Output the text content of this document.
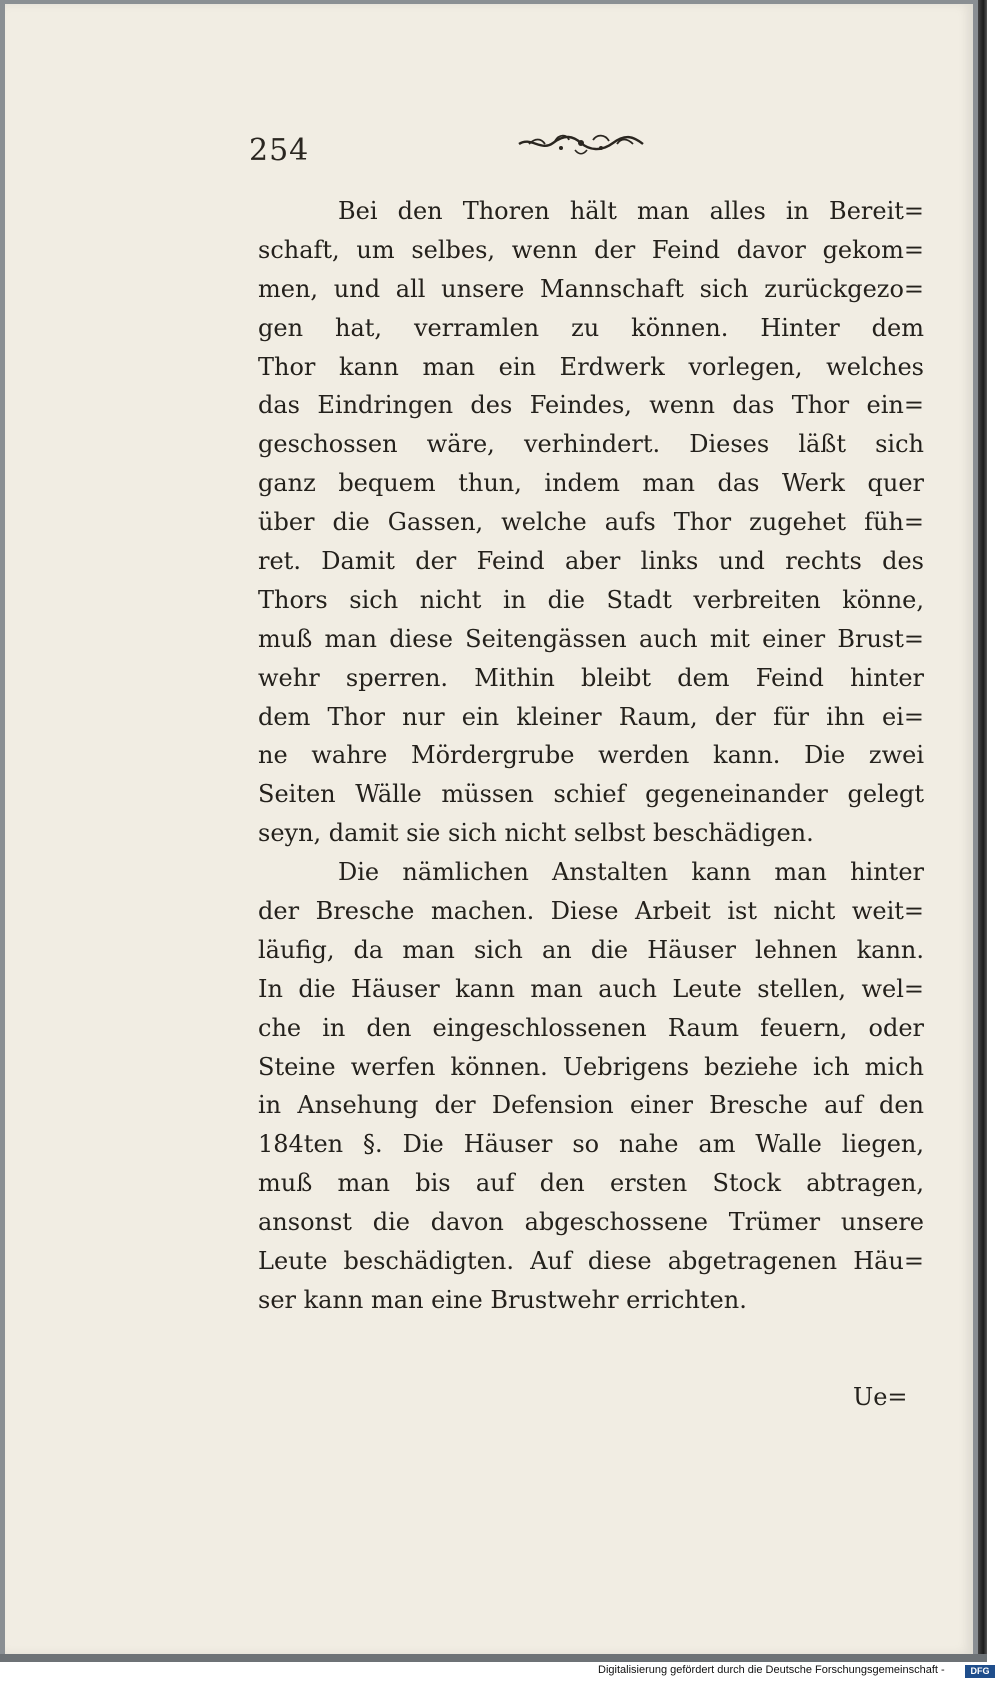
254
Bei den Thoren hält man alles in Bereit=
schaft, um selbes, wenn der Feind davor gekom=
men, und all unsere Mannschaft sich zurückgezo=
gen hat, verramlen zu können. Hinter dem
Thor kann man ein Erdwerk vorlegen, welches
das Eindringen des Feindes, wenn das Thor ein=
geschossen wäre, verhindert. Dieses läßt sich
ganz bequem thun, indem man das Werk quer
über die Gassen, welche aufs Thor zugehet füh=
ret. Damit der Feind aber links und rechts des
Thors sich nicht in die Stadt verbreiten könne,
muß man diese Seitengässen auch mit einer Brust=
wehr sperren. Mithin bleibt dem Feind hinter
dem Thor nur ein kleiner Raum, der für ihn ei=
ne wahre Mördergrube werden kann. Die zwei
Seiten Wälle müssen schief gegeneinander gelegt
seyn, damit sie sich nicht selbst beschädigen.
Die nämlichen Anstalten kann man hinter
der Bresche machen. Diese Arbeit ist nicht weit=
läufig, da man sich an die Häuser lehnen kann.
In die Häuser kann man auch Leute stellen, wel=
che in den eingeschlossenen Raum feuern, oder
Steine werfen können. Uebrigens beziehe ich mich
in Ansehung der Defension einer Bresche auf den
184ten §. Die Häuser so nahe am Walle liegen,
muß man bis auf den ersten Stock abtragen,
ansonst die davon abgeschossene Trümer unsere
Leute beschädigten. Auf diese abgetragenen Häu=
ser kann man eine Brustwehr errichten.
Ue=
Digitalisierung gefördert durch die Deutsche Forschungsgemeinschaft -	DFG
